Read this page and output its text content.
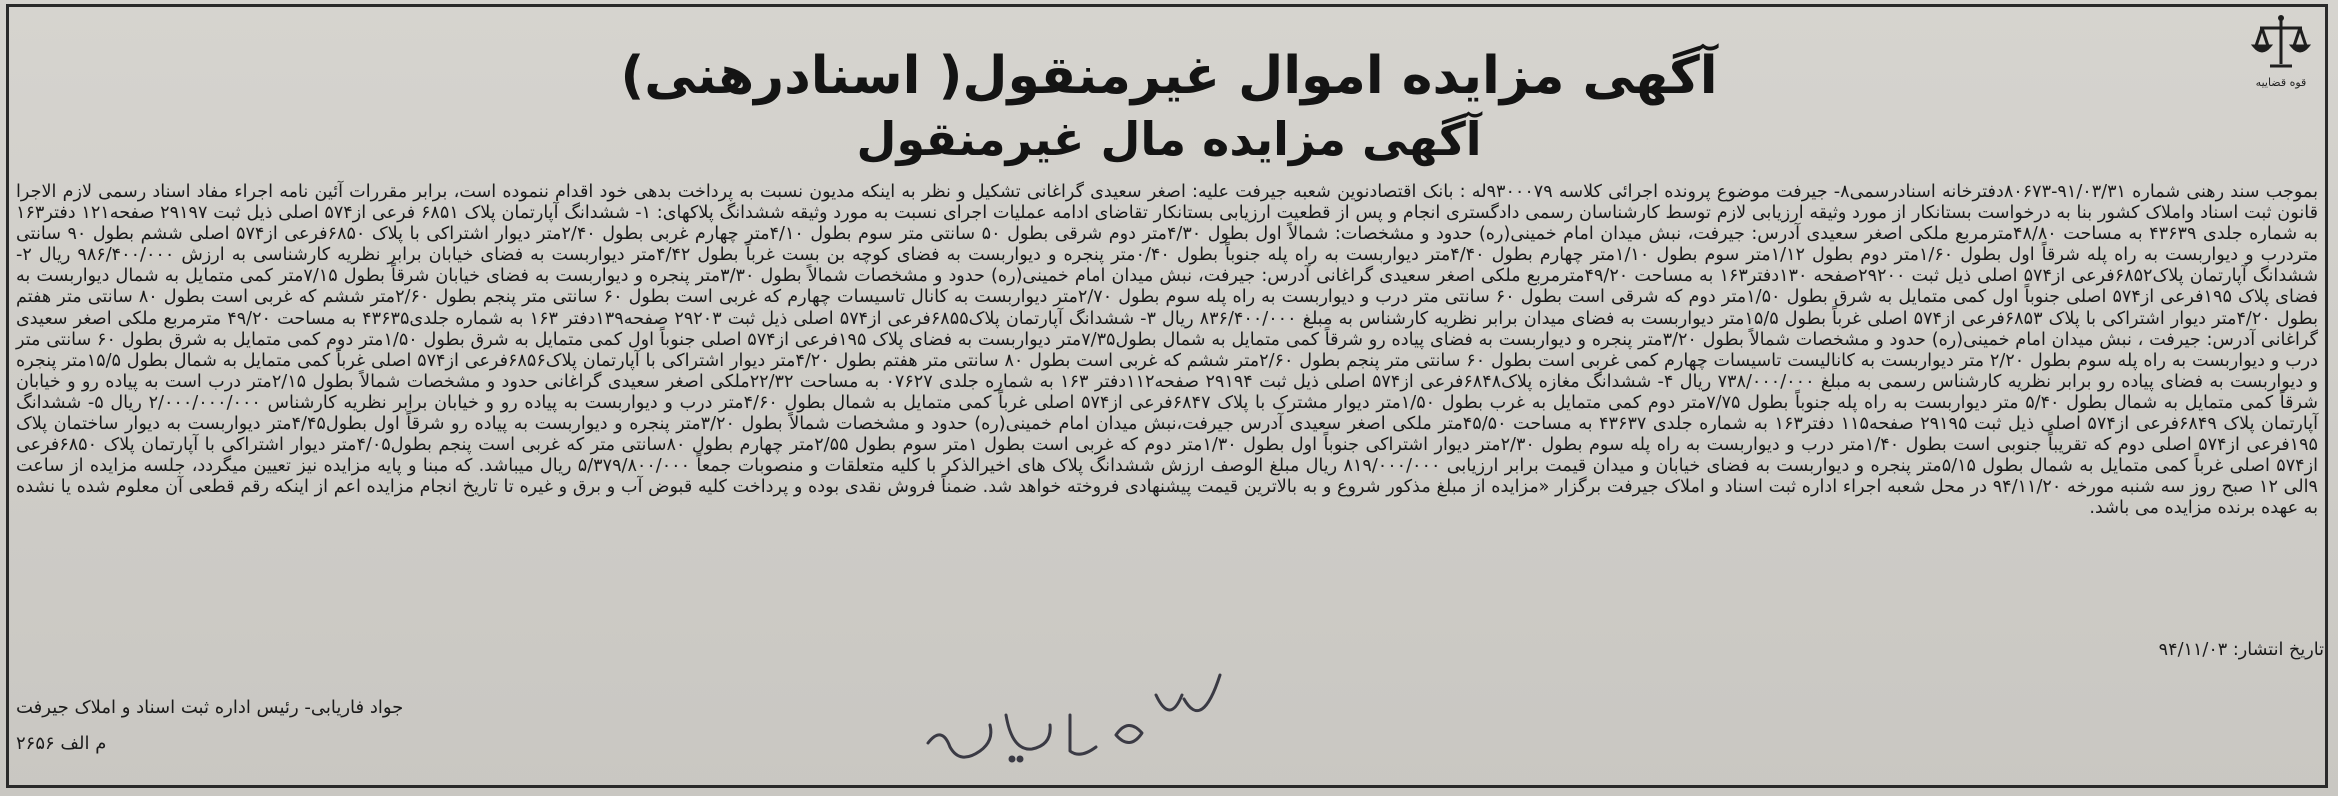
قوه قضاییه
آگهی مزایده اموال غیرمنقول( اسنادرهنی)
آگهی مزایده مال غیرمنقول

بموجب سند رهنی شماره ۹۱/۰۳/۳۱-۸۰۶۷۳دفترخانه اسنادرسمی۸- جیرفت موضوع پرونده اجرائی کلاسه ۹۳۰۰۰۷۹له : بانک اقتصادنوین شعبه جیرفت علیه: اصغر سعیدی گراغانی تشکیل و نظر به اینکه مدیون نسبت به پرداخت بدهی خود اقدام ننموده است، برابر مقررات آئین نامه اجراء مفاد اسناد رسمی لازم الاجرا قانون ثبت اسناد واملاک کشور بنا به درخواست بستانکار از مورد وثیقه ارزیابی لازم توسط کارشناسان رسمی دادگستری انجام و پس از قطعیت ارزیابی بستانکار تقاضای ادامه عملیات اجرای نسبت به مورد وثیقه ششدانگ پلاکهای: ۱- ششدانگ آپارتمان پلاک ۶۸۵۱ فرعی از۵۷۴ اصلی ذیل ثبت ۲۹۱۹۷ صفحه۱۲۱ دفتر۱۶۳ به شماره جلدی ۴۳۶۳۹ به مساحت ۴۸/۸۰مترمربع ملکی اصغر سعیدی آدرس: جیرفت، نبش میدان امام خمینی(ره) حدود و مشخصات: شمالاً اول بطول ۴/۳۰متر دوم شرقی بطول ۵۰ سانتی متر سوم بطول ۴/۱۰متر چهارم غربی بطول ۲/۴۰متر دیوار اشتراکی با پلاک ۶۸۵۰فرعی از۵۷۴ اصلی ششم بطول ۹۰ سانتی متردرب و دیواربست به راه پله شرقاً اول بطول ۱/۶۰متر دوم بطول ۱/۱۲متر سوم بطول ۱/۱۰متر چهارم بطول ۴/۴۰متر دیواربست به راه پله جنوباً بطول ۰/۴۰متر پنجره و دیواربست به فضای کوچه بن بست غرباً بطول ۴/۴۲متر دیواربست به فضای خیابان برابر نظریه کارشناسی به ارزش ۹۸۶/۴۰۰/۰۰۰ ریال ۲- ششدانگ آپارتمان پلاک۶۸۵۲فرعی از۵۷۴ اصلی ذیل ثبت ۲۹۲۰۰صفحه ۱۳۰دفتر۱۶۳ به مساحت ۴۹/۲۰مترمربع ملکی اصغر سعیدی گراغانی آدرس: جیرفت، نبش میدان امام خمینی(ره) حدود و مشخصات شمالاً بطول ۳/۳۰متر پنجره و دیواربست به فضای خیابان شرقاً بطول ۷/۱۵متر کمی متمایل به شمال دیواربست به فضای پلاک ۱۹۵فرعی از۵۷۴ اصلی جنوباً اول کمی متمایل به شرق بطول ۱/۵۰متر دوم که شرقی است بطول ۶۰ سانتی متر درب و دیواربست به راه پله سوم بطول ۲/۷۰متر دیواربست به کانال تاسیسات چهارم که غربی است بطول ۶۰ سانتی متر پنجم بطول ۲/۶۰متر ششم که غربی است بطول ۸۰ سانتی متر هفتم بطول ۴/۲۰متر دیوار اشتراکی با پلاک ۶۸۵۳فرعی از۵۷۴ اصلی غرباً بطول ۱۵/۵متر دیواربست به فضای میدان برابر نظریه کارشناس به مبلغ ۸۳۶/۴۰۰/۰۰۰ ریال ۳- ششدانگ آپارتمان پلاک۶۸۵۵فرعی از۵۷۴ اصلی ذیل ثبت ۲۹۲۰۳ صفحه۱۳۹دفتر ۱۶۳ به شماره جلدی۴۳۶۳۵ به مساحت ۴۹/۲۰ مترمربع ملکی اصغر سعیدی گراغانی آدرس: جیرفت ، نبش میدان امام خمینی(ره) حدود و مشخصات شمالاً بطول ۳/۲۰متر پنجره و دیواربست به فضای پیاده رو شرقاً کمی متمایل به شمال بطول۷/۳۵متر دیواربست به فضای پلاک ۱۹۵فرعی از۵۷۴ اصلی جنوباً اول کمی متمایل به شرق بطول ۱/۵۰متر دوم کمی متمایل به شرق بطول ۶۰ سانتی متر درب و دیواربست به راه پله سوم بطول ۲/۲۰ متر دیواربست به کانالیست تاسیسات چهارم کمی غربی است بطول ۶۰ سانتی متر پنجم بطول ۲/۶۰متر ششم که غربی است بطول ۸۰ سانتی متر هفتم بطول ۴/۲۰متر دیوار اشتراکی با آپارتمان پلاک۶۸۵۶فرعی از۵۷۴ اصلی غرباً کمی متمایل به شمال بطول ۱۵/۵متر پنجره و دیواربست به فضای پیاده رو برابر نظریه کارشناس رسمی به مبلغ ۷۳۸/۰۰۰/۰۰۰ ریال ۴- ششدانگ مغازه پلاک۶۸۴۸فرعی از۵۷۴ اصلی ذیل ثبت ۲۹۱۹۴ صفحه۱۱۲دفتر ۱۶۳ به شماره جلدی ۰۷۶۲۷ به مساحت ۲۲/۳۲ملکی اصغر سعیدی گراغانی حدود و مشخصات شمالاً بطول ۲/۱۵متر درب است به پیاده رو و خیابان شرقاً کمی متمایل به شمال بطول ۵/۴۰ متر دیواربست به راه پله جنوباً بطول ۷/۷۵متر دوم کمی متمایل به غرب بطول ۱/۵۰متر دیوار مشترک با پلاک ۶۸۴۷فرعی از۵۷۴ اصلی غرباً کمی متمایل به شمال بطول ۴/۶۰متر درب و دیواربست به پیاده رو و خیابان برابر نظریه کارشناس ۲/۰۰۰/۰۰۰/۰۰۰ ریال ۵- ششدانگ آپارتمان پلاک ۶۸۴۹فرعی از۵۷۴ اصلی ذیل ثبت ۲۹۱۹۵ صفحه۱۱۵ دفتر۱۶۳ به شماره جلدی ۴۳۶۳۷ به مساحت ۴۵/۵۰متر ملکی اصغر سعیدی آدرس جیرفت،نبش میدان امام خمینی(ره) حدود و مشخصات شمالاً بطول ۳/۲۰متر پنجره و دیواربست به پیاده رو شرقاً اول بطول۴/۴۵متر دیواربست به دیوار ساختمان پلاک ۱۹۵فرعی از۵۷۴ اصلی دوم که تقریباً جنوبی است بطول ۱/۴۰متر درب و دیواربست به راه پله سوم بطول ۲/۳۰متر دیوار اشتراکی جنوباً اول بطول ۱/۳۰متر دوم که غربی است بطول ۱متر سوم بطول ۲/۵۵متر چهارم بطول ۸۰سانتی متر که غربی است پنجم بطول۴/۰۵متر دیوار اشتراکی با آپارتمان پلاک ۶۸۵۰فرعی از۵۷۴ اصلی غرباً کمی متمایل به شمال بطول ۵/۱۵متر پنجره و دیواربست به فضای خیابان و میدان قیمت برابر ارزیابی ۸۱۹/۰۰۰/۰۰۰ ریال مبلغ الوصف ارزش ششدانگ پلاک های اخیرالذکر با کلیه متعلقات و منصوبات جمعاً ۵/۳۷۹/۸۰۰/۰۰۰ ریال میباشد. که مبنا و پایه مزایده نیز تعیین میگردد، جلسه مزایده از ساعت ۹الی ۱۲ صبح روز سه شنبه مورخه ۹۴/۱۱/۲۰ در محل شعبه اجراء اداره ثبت اسناد و املاک جیرفت برگزار «مزایده از مبلغ مذکور شروع و به بالاترین قیمت پیشنهادی فروخته خواهد شد. ضمناً فروش نقدی بوده و پرداخت کلیه قبوض آب و برق و غیره تا تاریخ انجام مزایده اعم از اینکه رقم قطعی آن معلوم شده یا نشده به عهده برنده مزایده می باشد.

تاریخ انتشار: ۹۴/۱۱/۰۳
جواد فاریابی- رئیس اداره ثبت اسناد و املاک جیرفت
م الف ۲۶۵۶
